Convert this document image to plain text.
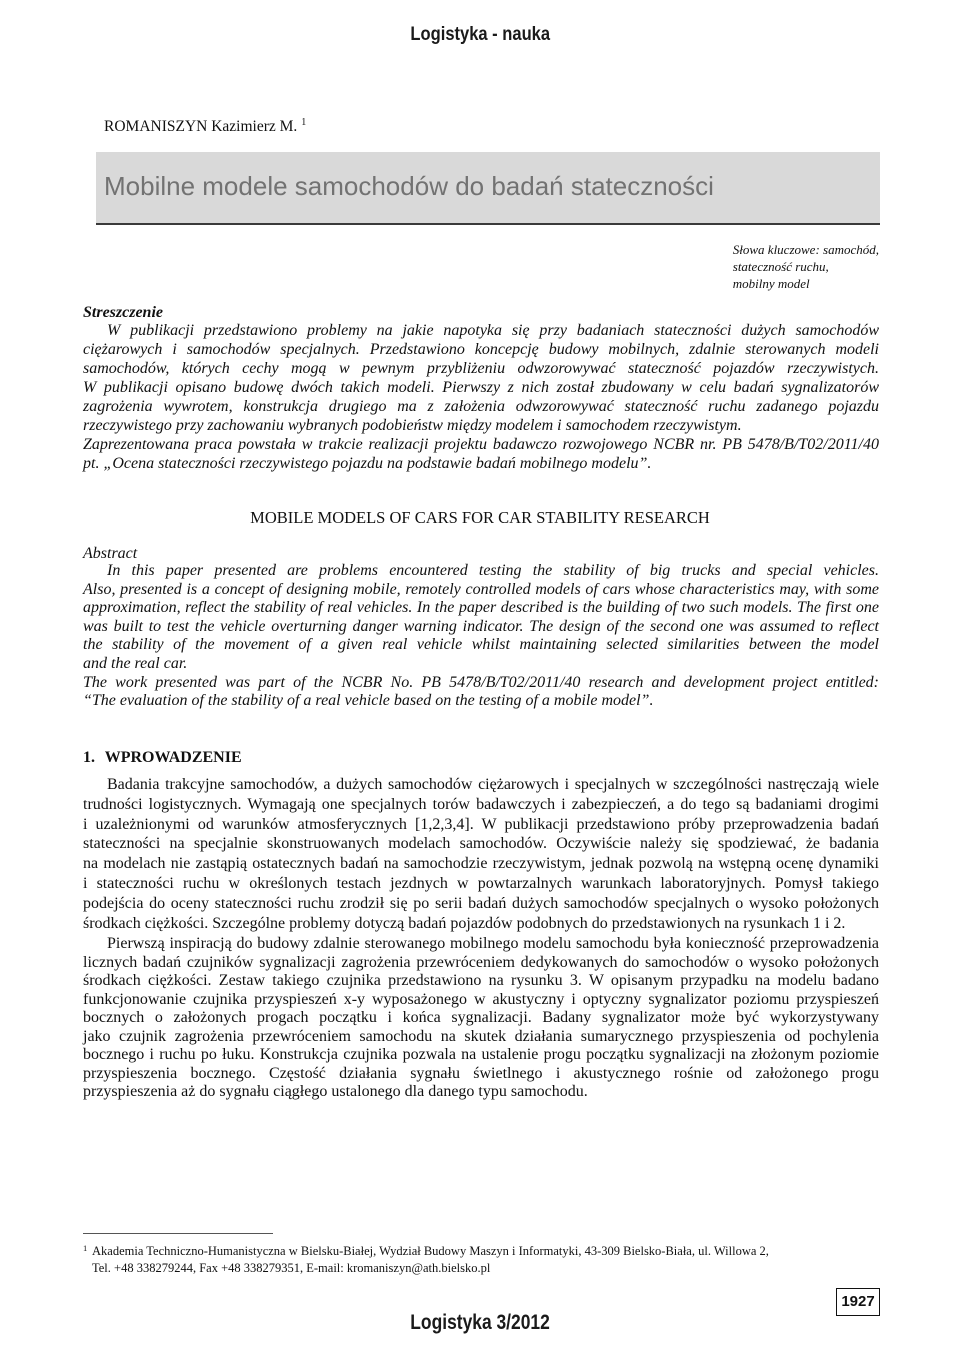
Logistyka - nauka
ROMANISZYN Kazimierz M. $^1$
Mobilne modele samochodów do badań stateczności
Słowa kluczowe: samochód,
stateczność ruchu,
mobilny model
Streszczenie
W publikacji przedstawiono problemy na jakie napotyka się przy badaniach stateczności dużych samochodów
ciężarowych i samochodów specjalnych. Przedstawiono koncepcję budowy mobilnych, zdalnie sterowanych modeli
samochodów, których cechy mogą w pewnym przybliżeniu odwzorowywać stateczność pojazdów rzeczywistych.
W publikacji opisano budowę dwóch takich modeli. Pierwszy z nich został zbudowany w celu badań sygnalizatorów
zagrożenia wywrotem, konstrukcja drugiego ma z założenia odwzorowywać stateczność ruchu zadanego pojazdu
rzeczywistego przy zachowaniu wybranych podobieństw między modelem i samochodem rzeczywistym.
Zaprezentowana praca powstała w trakcie realizacji projektu badawczo rozwojowego NCBR nr. PB 5478/B/T02/2011/40
pt. „Ocena stateczności rzeczywistego pojazdu na podstawie badań mobilnego modelu”.
MOBILE MODELS OF CARS FOR CAR STABILITY RESEARCH
Abstract
In this paper presented are problems encountered testing the stability of big trucks and special vehicles.
Also, presented is a concept of designing mobile, remotely controlled models of cars whose characteristics may, with some
approximation, reflect the stability of real vehicles. In the paper described is the building of two such models. The first one
was built to test the vehicle overturning danger warning indicator. The design of the second one was assumed to reflect
the stability of the movement of a given real vehicle whilst maintaining selected similarities between the model
and the real car.
The work presented was part of the NCBR No. PB 5478/B/T02/2011/40 research and development project entitled:
“The evaluation of the stability of a real vehicle based on the testing of a mobile model”.
1. WPROWADZENIE
Badania trakcyjne samochodów, a dużych samochodów ciężarowych i specjalnych w szczególności nastręczają wiele
trudności logistycznych. Wymagają one specjalnych torów badawczych i zabezpieczeń, a do tego są badaniami drogimi
i uzależnionymi od warunków atmosferycznych [1,2,3,4]. W publikacji przedstawiono próby przeprowadzenia badań
stateczności na specjalnie skonstruowanych modelach samochodów. Oczywiście należy się spodziewać, że badania
na modelach nie zastąpią ostatecznych badań na samochodzie rzeczywistym, jednak pozwolą na wstępną ocenę dynamiki
i stateczności ruchu w określonych testach jezdnych w powtarzalnych warunkach laboratoryjnych. Pomysł takiego
podejścia do oceny stateczności ruchu zrodził się po serii badań dużych samochodów specjalnych o wysoko położonych
środkach ciężkości. Szczególne problemy dotyczą badań pojazdów podobnych do przedstawionych na rysunkach 1 i 2.
Pierwszą inspiracją do budowy zdalnie sterowanego mobilnego modelu samochodu była konieczność przeprowadzenia
licznych badań czujników sygnalizacji zagrożenia przewróceniem dedykowanych do samochodów o wysoko położonych
środkach ciężkości. Zestaw takiego czujnika przedstawiono na rysunku 3. W opisanym przypadku na modelu badano
funkcjonowanie czujnika przyspieszeń x-y wyposażonego w akustyczny i optyczny sygnalizator poziomu przyspieszeń
bocznych o założonych progach początku i końca sygnalizacji. Badany sygnalizator może być wykorzystywany
jako czujnik zagrożenia przewróceniem samochodu na skutek działania sumarycznego przyspieszenia od pochylenia
bocznego i ruchu po łuku. Konstrukcja czujnika pozwala na ustalenie progu początku sygnalizacji na złożonym poziomie
przyspieszenia bocznego. Częstość działania sygnału świetlnego i akustycznego rośnie od założonego progu
przyspieszenia aż do sygnału ciągłego ustalonego dla danego typu samochodu.
1 Akademia Techniczno-Humanistyczna w Bielsku-Białej, Wydział Budowy Maszyn i Informatyki, 43-309 Bielsko-Biała, ul. Willowa 2,
Tel. +48 338279244, Fax +48 338279351, E-mail: kromaniszyn@ath.bielsko.pl
1927
Logistyka 3/2012
